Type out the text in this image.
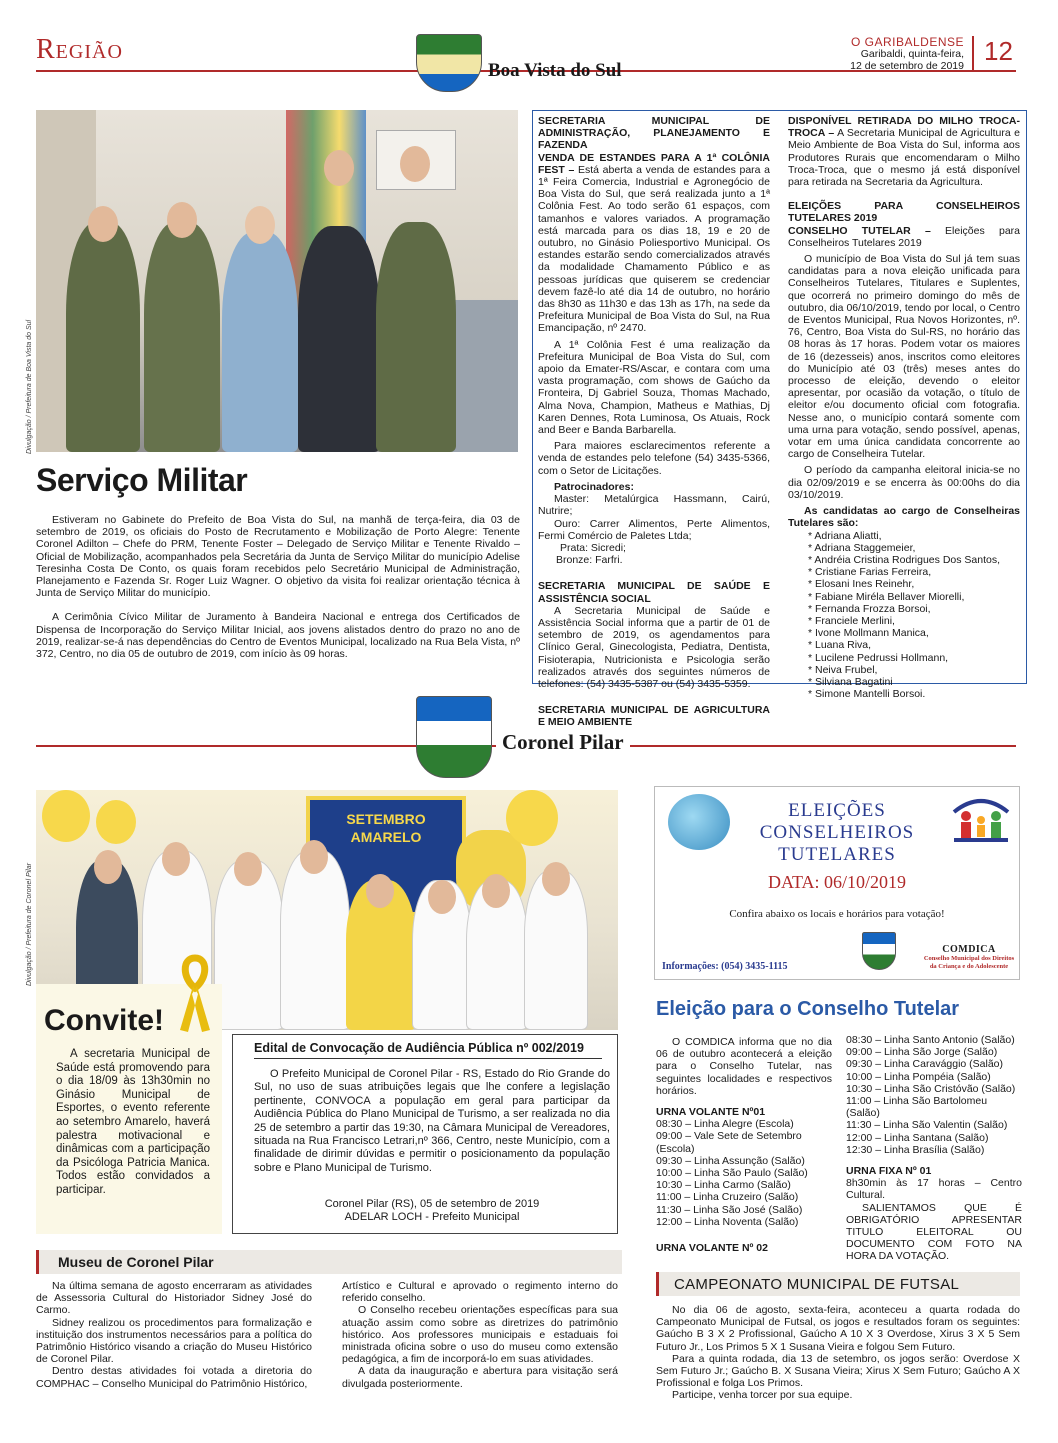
Região
Boa Vista do Sul
O GARIBALDENSE
Garibaldi, quinta-feira,
12 de setembro de 2019 12
Divulgação / Prefeitura de Boa Vista do Sul
Serviço Militar

Estiveram no Gabinete do Prefeito de Boa Vista do Sul, na manhã de terça-feira, dia 03 de setembro de 2019, os oficiais do Posto de Recrutamento e Mobilização de Porto Alegre: Tenente Coronel Adilton – Chefe do PRM, Tenente Foster – Delegado de Serviço Militar e Tenente Rivaldo – Oficial de Mobilização, acompanhados pela Secretária da Junta de Serviço Militar do município Adelise Teresinha Costa De Conto, os quais foram recebidos pelo Secretário Municipal de Administração, Planejamento e Fazenda Sr. Roger Luiz Wagner. O objetivo da visita foi realizar orientação técnica à Junta de Serviço Militar do município.

A Cerimônia Cívico Militar de Juramento à Bandeira Nacional e entrega dos Certificados de Dispensa de Incorporação do Serviço Militar Inicial, aos jovens alistados dentro do prazo no ano de 2019, realizar-se-á nas dependências do Centro de Eventos Municipal, localizado na Rua Bela Vista, nº 372, Centro, no dia 05 de outubro de 2019, com início às 09 horas.

SECRETARIA MUNICIPAL DE ADMINISTRAÇÃO, PLANEJAMENTO E FAZENDA
VENDA DE ESTANDES PARA A 1ª COLÔNIA FEST – Está aberta a venda de estandes para a 1ª Feira Comercia, Industrial e Agronegócio de Boa Vista do Sul, que será realizada junto a 1ª Colônia Fest. Ao todo serão 61 espaços, com tamanhos e valores variados. A programação está marcada para os dias 18, 19 e 20 de outubro, no Ginásio Poliesportivo Municipal. Os estandes estarão sendo comercializados através da modalidade Chamamento Público e as pessoas jurídicas que quiserem se credenciar devem fazê-lo até dia 14 de outubro, no horário das 8h30 as 11h30 e das 13h as 17h, na sede da Prefeitura Municipal de Boa Vista do Sul, na Rua Emancipação, nº 2470.
A 1ª Colônia Fest é uma realização da Prefeitura Municipal de Boa Vista do Sul, com apoio da Emater-RS/Ascar, e contara com uma vasta programação, com shows de Gaúcho da Fronteira, Dj Gabriel Souza, Thomas Machado, Alma Nova, Champion, Matheus e Mathias, Dj Karen Dennes, Rota Luminosa, Os Atuais, Rock and Beer e Banda Barbarella.
Para maiores esclarecimentos referente a venda de estandes pelo telefone (54) 3435-5366, com o Setor de Licitações.
Patrocinadores:
Master: Metalúrgica Hassmann, Cairú, Nutrire;
Ouro: Carrer Alimentos, Perte Alimentos, Fermi Comércio de Paletes Ltda;
Prata: Sicredi;
Bronze: Farfri.
SECRETARIA MUNICIPAL DE SAÚDE E ASSISTÊNCIA SOCIAL
A Secretaria Municipal de Saúde e Assistência Social informa que a partir de 01 de setembro de 2019, os agendamentos para Clínico Geral, Ginecologista, Pediatra, Dentista, Fisioterapia, Nutricionista e Psicologia serão realizados através dos seguintes números de telefones: (54) 3435-5387 ou (54) 3435-5359.
SECRETARIA MUNICIPAL DE AGRICULTURA E MEIO AMBIENTE
DISPONÍVEL RETIRADA DO MILHO TROCA-TROCA – A Secretaria Municipal de Agricultura e Meio Ambiente de Boa Vista do Sul, informa aos Produtores Rurais que encomendaram o Milho Troca-Troca, que o mesmo já está disponível para retirada na Secretaria da Agricultura.
ELEIÇÕES PARA CONSELHEIROS TUTELARES 2019
CONSELHO TUTELAR – Eleições para Conselheiros Tutelares 2019
O município de Boa Vista do Sul já tem suas candidatas para a nova eleição unificada para Conselheiros Tutelares, Titulares e Suplentes, que ocorrerá no primeiro domingo do mês de outubro, dia 06/10/2019, tendo por local, o Centro de Eventos Municipal, Rua Novos Horizontes, nº. 76, Centro, Boa Vista do Sul-RS, no horário das 08 horas às 17 horas. Podem votar os maiores de 16 (dezesseis) anos, inscritos como eleitores do Município até 03 (três) meses antes do processo de eleição, devendo o eleitor apresentar, por ocasião da votação, o título de eleitor e/ou documento oficial com fotografia. Nesse ano, o município contará somente com uma urna para votação, sendo possível, apenas, votar em uma única candidata concorrente ao cargo de Conselheira Tutelar.
O período da campanha eleitoral inicia-se no dia 02/09/2019 e se encerra às 00:00hs do dia 03/10/2019.
As candidatas ao cargo de Conselheiras Tutelares são:
* Adriana Aliatti,
* Adriana Staggemeier,
* Andréia Cristina Rodrigues Dos Santos,
* Cristiane Farias Ferreira,
* Elosani Ines Reinehr,
* Fabiane Miréla Bellaver Miorelli,
* Fernanda Frozza Borsoi,
* Franciele Merlini,
* Ivone Mollmann Manica,
* Luana Riva,
* Lucilene Pedrussi Hollmann,
* Neiva Frubel,
* Silviana Bagatini
* Simone Mantelli Borsoi.
Coronel Pilar
SETEMBRO
AMARELO
Divulgação / Prefeitura de Coronel Pilar
Convite!
A secretaria Municipal de Saúde está promovendo para o dia 18/09 às 13h30min no Ginásio Municipal de Esportes, o evento referente ao setembro Amarelo, haverá palestra motivacional e dinâmicas com a participação da Psicóloga Patricia Manica. Todos estão convidados a participar.
Edital de Convocação de Audiência Pública nº 002/2019
O Prefeito Municipal de Coronel Pilar - RS, Estado do Rio Grande do Sul, no uso de suas atribuições legais que lhe confere a legislação pertinente, CONVOCA a população em geral para participar da Audiência Pública do Plano Municipal de Turismo, a ser realizada no dia 25 de setembro a partir das 19:30, na Câmara Municipal de Vereadores, situada na Rua Francisco Letrari,nº 366, Centro, neste Município, com a finalidade de dirimir dúvidas e permitir o posicionamento da população sobre e Plano Municipal de Turismo.
Coronel Pilar (RS), 05 de setembro de 2019
ADELAR LOCH - Prefeito Municipal
Museu de Coronel Pilar

Na última semana de agosto encerraram as atividades de Assessoria Cultural do Historiador Sidney José do Carmo.

Sidney realizou os procedimentos para formalização e instituição dos instrumentos necessários para a política do Patrimônio Histórico visando a criação do Museu Histórico de Coronel Pilar.

Dentro destas atividades foi votada a diretoria do COMPHAC – Conselho Municipal do Patrimônio Histórico,

Artístico e Cultural e aprovado o regimento interno do referido conselho.

O Conselho recebeu orientações específicas para sua atuação assim como sobre as diretrizes do patrimônio histórico. Aos professores municipais e estaduais foi ministrada oficina sobre o uso do museu como extensão pedagógica, a fim de incorporá-lo em suas atividades.

A data da inauguração e abertura para visitação será divulgada posteriormente.

ELEIÇÕES
CONSELHEIROS
TUTELARES
DATA: 06/10/2019
Confira abaixo os locais e horários para votação!
Informações: (054) 3435-1115
COMDICA
Conselho Municipal dos Direitos da Criança e do Adolescente
Eleição para o Conselho Tutelar
O COMDICA informa que no dia 06 de outubro acontecerá a eleição para o Conselho Tutelar, nas seguintes localidades e respectivos horários.
URNA VOLANTE Nº01
08:30 – Linha Alegre (Escola)
09:00 – Vale Sete de Setembro (Escola)
09:30 – Linha Assunção (Salão)
10:00 – Linha São Paulo (Salão)
10:30 – Linha Carmo (Salão)
11:00 – Linha Cruzeiro (Salão)
11:30 – Linha São José (Salão)
12:00 – Linha Noventa (Salão)
URNA VOLANTE Nº 02
08:30 – Linha Santo Antonio (Salão)
09:00 – Linha São Jorge (Salão)
09:30 – Linha Caravággio (Salão)
10:00 – Linha Pompéia (Salão)
10:30 – Linha São Cristóvão (Salão)
11:00 – Linha São Bartolomeu (Salão)
11:30 – Linha São Valentin (Salão)
12:00 – Linha Santana (Salão)
12:30 – Linha Brasília (Salão)
URNA FIXA Nº 01
8h30min às 17 horas – Centro Cultural.
SALIENTAMOS QUE É OBRIGATÓRIO APRESENTAR TITULO ELEITORAL OU DOCUMENTO COM FOTO NA HORA DA VOTAÇÃO.
CAMPEONATO MUNICIPAL DE FUTSAL

No dia 06 de agosto, sexta-feira, aconteceu a quarta rodada do Campeonato Municipal de Futsal, os jogos e resultados foram os seguintes: Gaúcho B 3 X 2 Profissional, Gaúcho A 10 X 3 Overdose, Xirus 3 X 5 Sem Futuro Jr., Los Primos 5 X 1 Susana Vieira e folgou Sem Futuro.

Para a quinta rodada, dia 13 de setembro, os jogos serão: Overdose X Sem Futuro Jr.; Gaúcho B. X Susana Vieira; Xirus X Sem Futuro; Gaúcho A X Profissional e folga Los Primos.

Participe, venha torcer por sua equipe.
